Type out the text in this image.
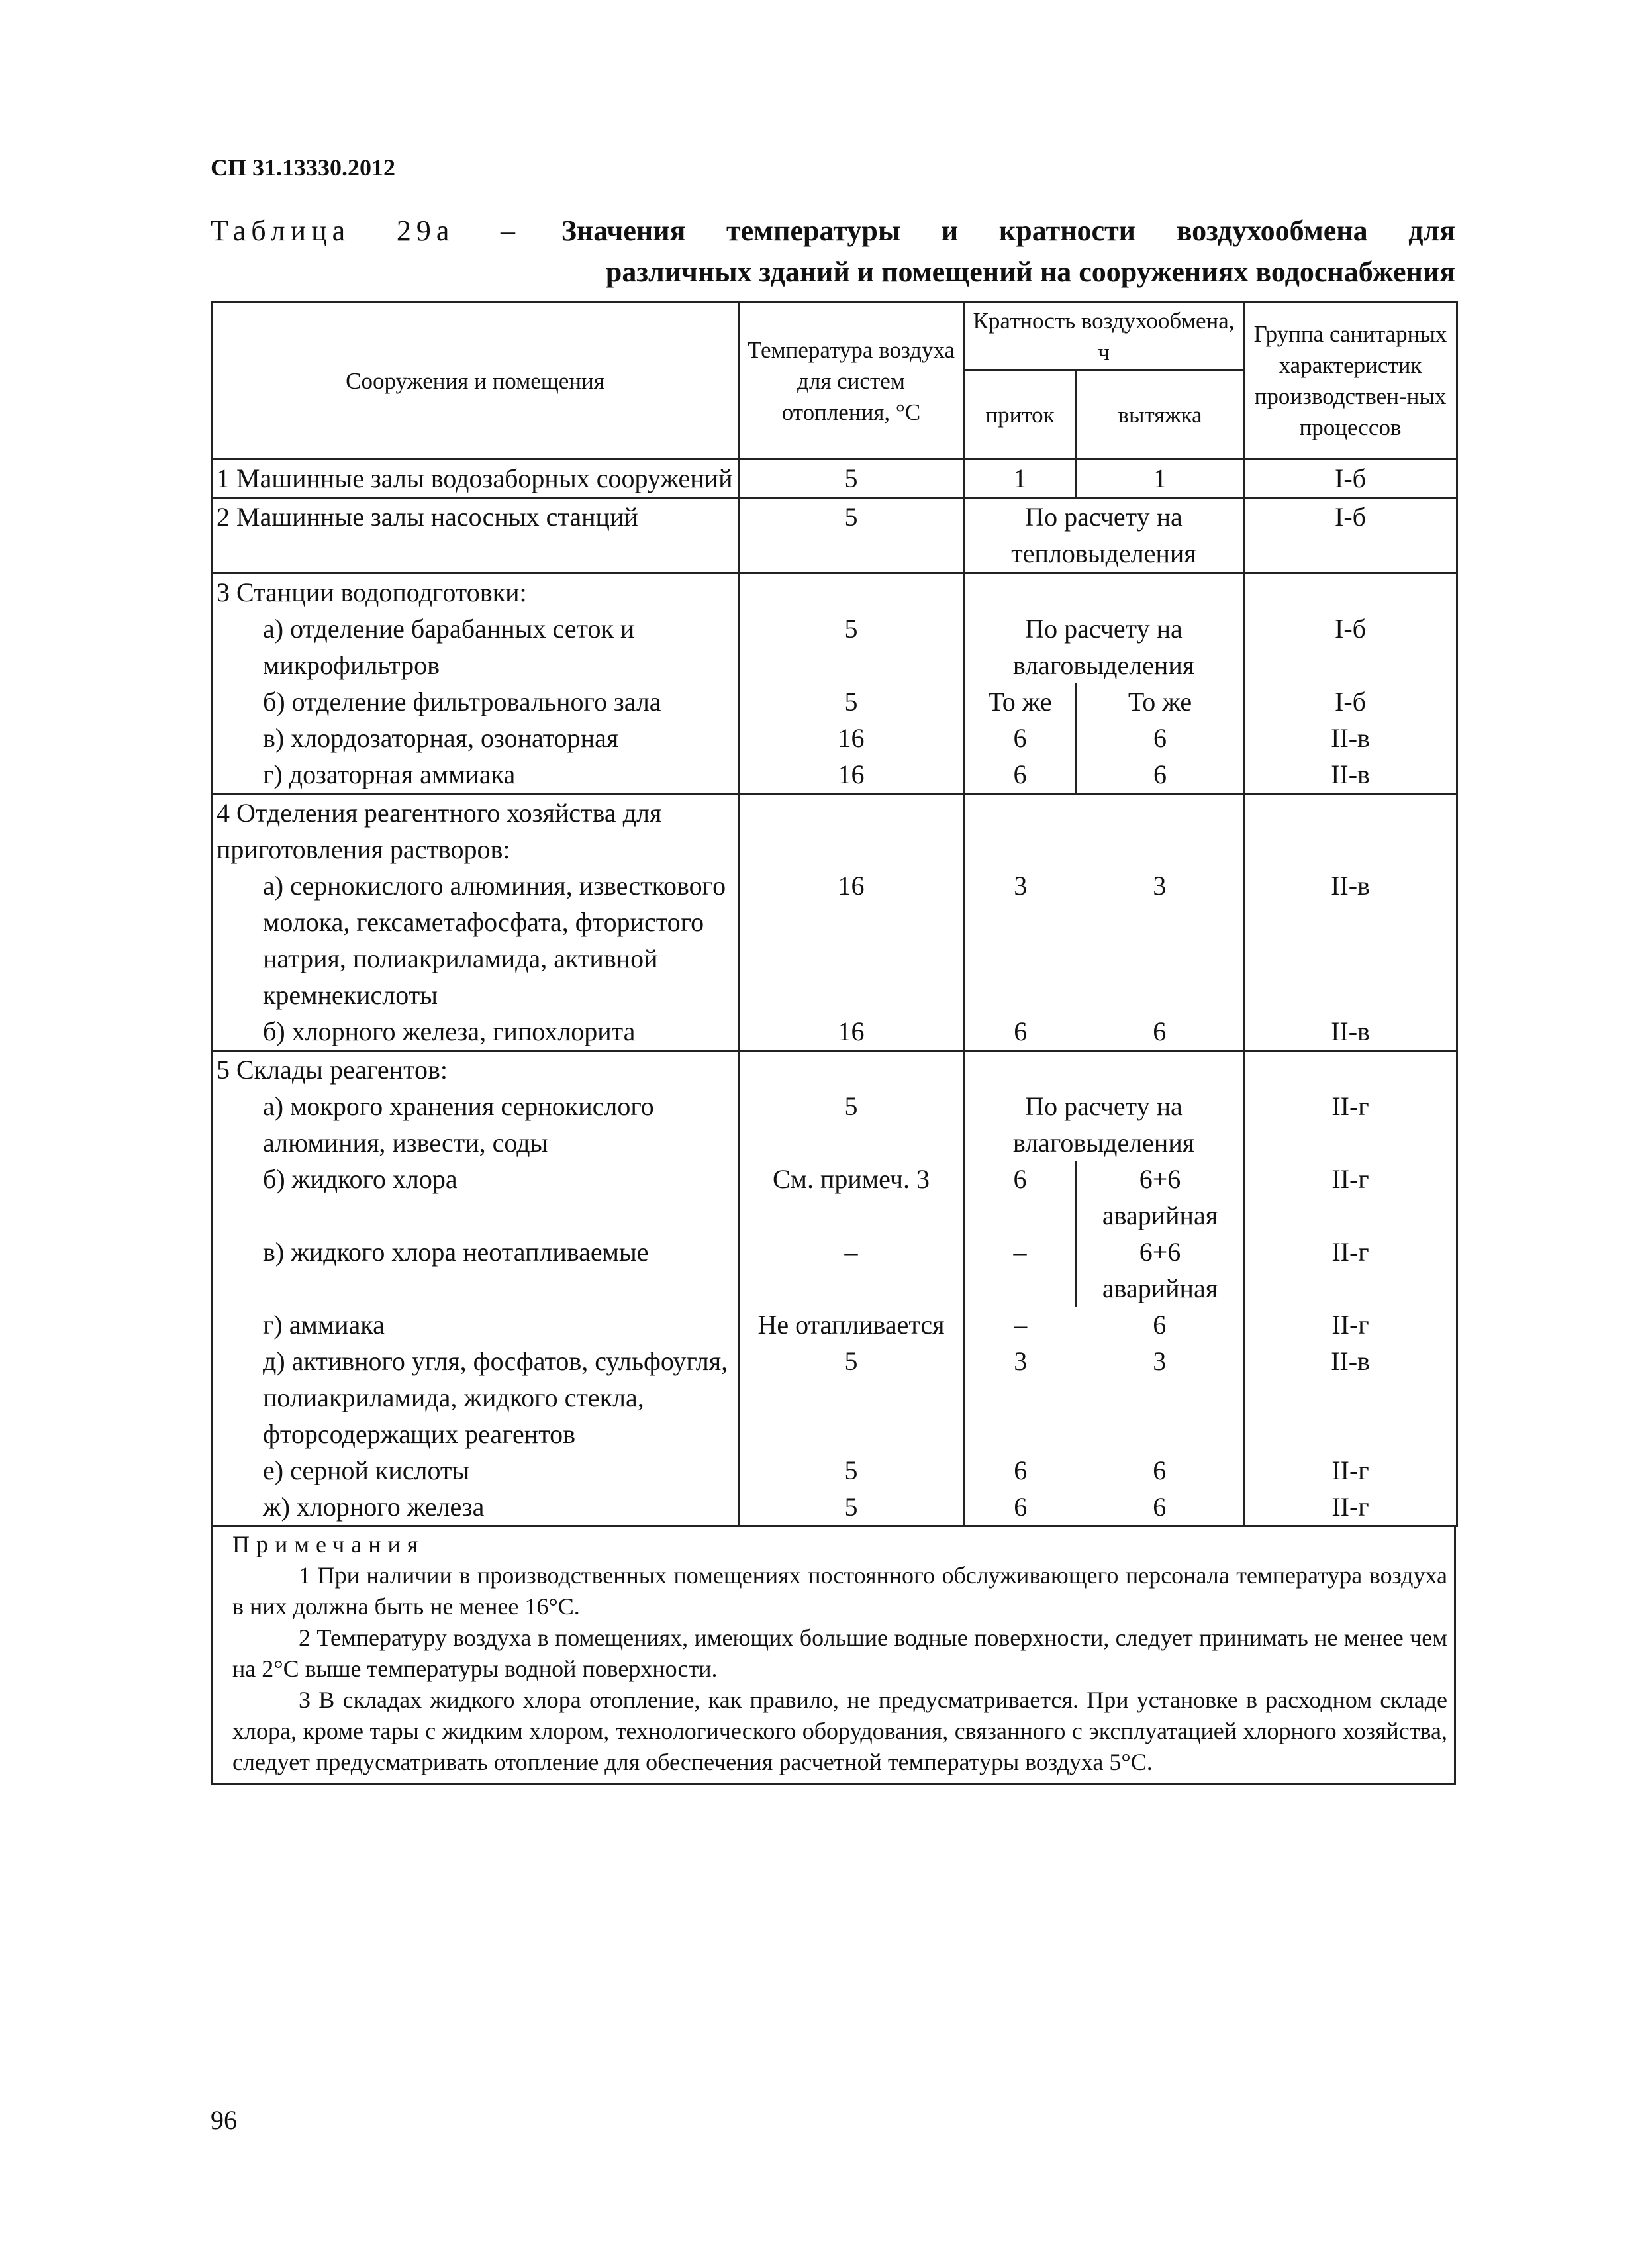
СП 31.13330.2012
Таблица 29а – Значения температуры и кратности воздухообмена для
различных зданий и помещений на сооружениях водоснабжения
Сооружения и помещения	Температура воздуха для систем отопления, °С	Кратность воздухообмена, ч		Группа санитарных характеристик производствен-ных процессов
		приток	вытяжка	
1 Машинные залы водозаборных сооружений	5	1	1	I-б
2 Машинные залы насосных станций	5	По расчету на тепловыделения		I-б
3 Станции водоподготовки:				
а) отделение барабанных сеток и микрофильтров	5	По расчету на влаговыделения		I-б
б) отделение фильтровального зала	5	То же	То же	I-б
в) хлордозаторная, озонаторная	16	6	6	II-в
г) дозаторная аммиака	16	6	6	II-в
4 Отделения реагентного хозяйства для приготовления растворов:				
а) сернокислого алюминия, известкового молока, гексаметафосфата, фтористого натрия, полиакриламида, активной кремнекислоты	16	3	3	II-в
б) хлорного железа, гипохлорита	16	6	6	II-в
5 Склады реагентов:				
а) мокрого хранения сернокислого алюминия, извести, соды	5	По расчету на влаговыделения		II-г
б) жидкого хлора	См. примеч. 3	6	6+6 аварийная	II-г
в) жидкого хлора неотапливаемые	–	–	6+6 аварийная	II-г
г) аммиака	Не отапливается	–	6	II-г
д) активного угля, фосфатов, сульфоугля, полиакриламида, жидкого стекла, фторсодержащих реагентов	5	3	3	II-в
е) серной кислоты	5	6	6	II-г
ж) хлорного железа	5	6	6	II-г
Примечания

1 При наличии в производственных помещениях постоянного обслуживающего персонала температура воздуха в них должна быть не менее 16°С.

2 Температуру воздуха в помещениях, имеющих большие водные поверхности, следует принимать не менее чем на 2°С выше температуры водной поверхности.

3 В складах жидкого хлора отопление, как правило, не предусматривается. При установке в расходном складе хлора, кроме тары с жидким хлором, технологического оборудования, связанного с эксплуатацией хлорного хозяйства, следует предусматривать отопление для обеспечения расчетной температуры воздуха 5°С.

96
